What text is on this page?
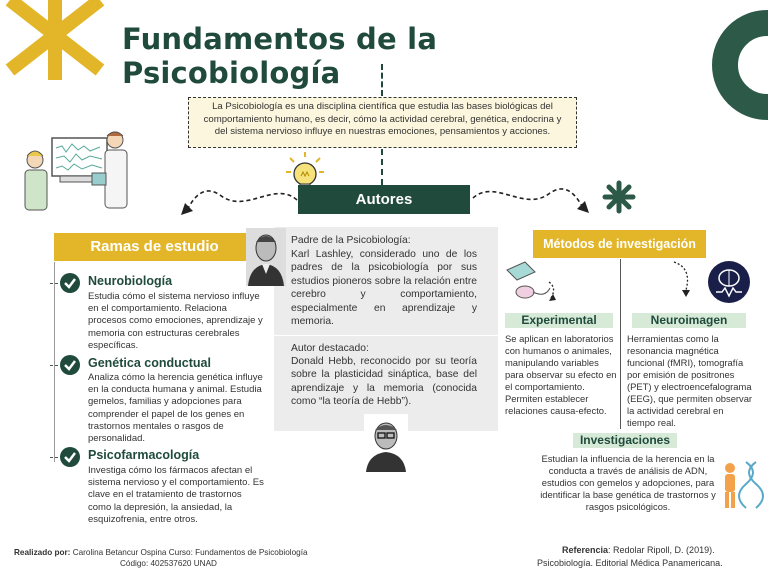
Fundamentos de la Psicobiología
La Psicobiología es una disciplina científica que estudia las bases biológicas del comportamiento humano, es decir, cómo la actividad cerebral, genética, endocrina y del sistema nervioso influye en nuestras emociones, pensamientos y acciones.
Autores
Ramas de estudio
Neurobiología
Estudia cómo el sistema nervioso influye en el comportamiento. Relaciona procesos como emociones, aprendizaje y memoria con estructuras cerebrales específicas.
Genética conductual
Analiza cómo la herencia genética influye en la conducta humana y animal. Estudia gemelos, familias y adopciones para comprender el papel de los genes en trastornos mentales o rasgos de personalidad.
Psicofarmacología
Investiga cómo los fármacos afectan el sistema nervioso y el comportamiento. Es clave en el tratamiento de trastornos como la depresión, la ansiedad, la esquizofrenia, entre otros.
Padre de la Psicobiología:
Karl Lashley, considerado uno de los padres de la psicobiología por sus estudios pioneros sobre la relación entre cerebro y comportamiento, especialmente en aprendizaje y memoria.
Autor destacado:
Donald Hebb, reconocido por su teoría sobre la plasticidad sináptica, base del aprendizaje y la memoria (conocida como “la teoría de Hebb”).
Métodos de investigación
Experimental
Se aplican en laboratorios con humanos o animales, manipulando variables para observar su efecto en el comportamiento. Permiten establecer relaciones causa-efecto.
Neuroimagen
Herramientas como la resonancia magnética funcional (fMRI), tomografía por emisión de positrones (PET) y electroencefalograma (EEG), que permiten observar la actividad cerebral en tiempo real.
Investigaciones
Estudian la influencia de la herencia en la conducta a través de análisis de ADN, estudios con gemelos y adopciones, para identificar la base genética de trastornos y rasgos psicológicos.
Realizado por: Carolina Betancur Ospina Curso: Fundamentos de Psicobiología
Código: 402537620 UNAD
Referencia: Redolar Ripoll, D. (2019).
Psicobiología. Editorial Médica Panamericana.
